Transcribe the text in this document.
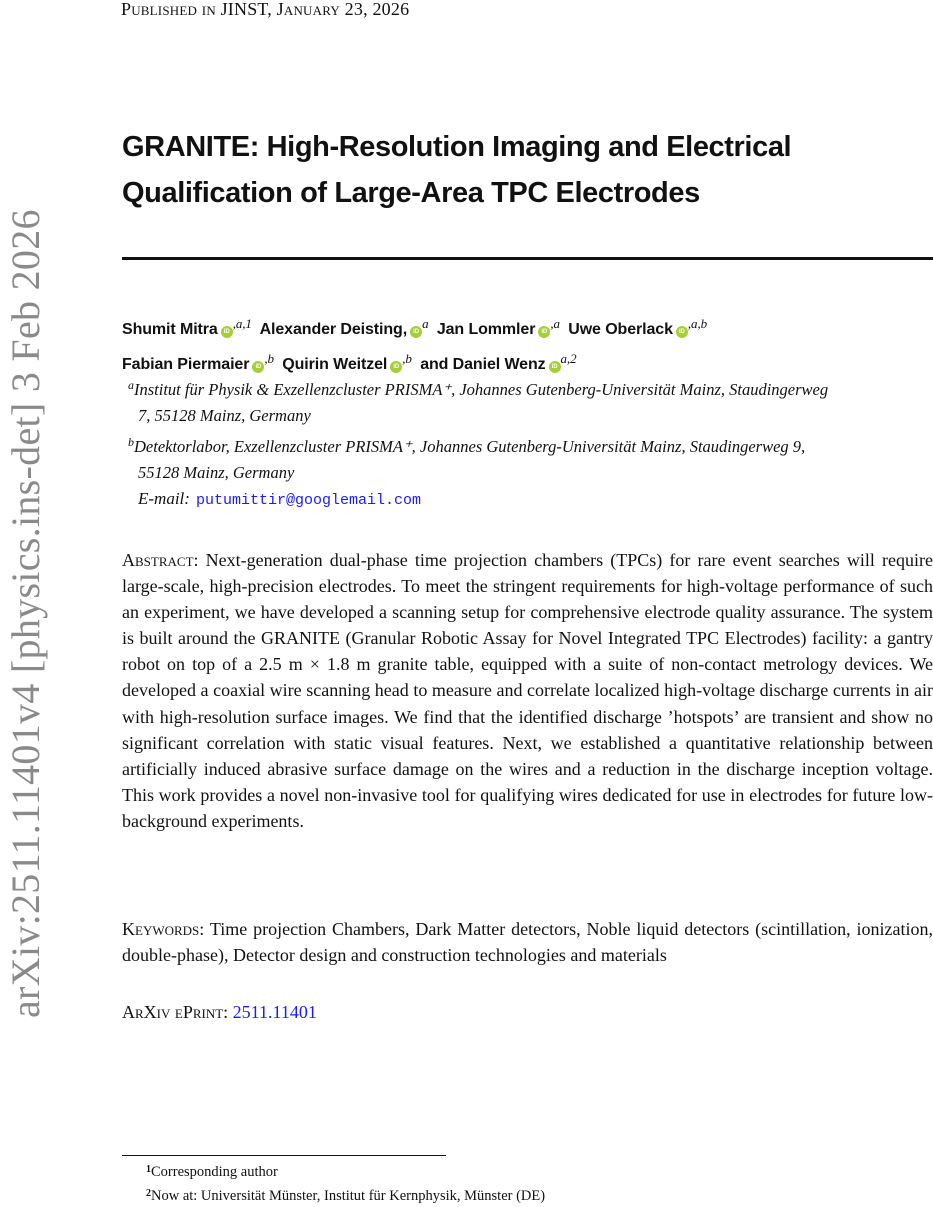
Published in JINST, January 23, 2026
arXiv:2511.11401v4 [physics.ins-det] 3 Feb 2026
GRANITE: High-Resolution Imaging and Electrical
Qualification of Large-Area TPC Electrodes
Shumit Mitra $iD^{,a,1}$ Alexander Deisting, $iD^a$ Jan Lommler $iD^{,a}$ Uwe Oberlack $iD^{,a,b}$
Fabian Piermaier $iD^{,b}$ Quirin Weitzel $iD^{,b}$ and Daniel Wenz iD$^{a,2}$
$^a$Institut für Physik & Exzellenzcluster PRISMA⁺, Johannes Gutenberg-Universität Mainz, Staudingerweg
7, 55128 Mainz, Germany
$^b$Detektorlabor, Exzellenzcluster PRISMA⁺, Johannes Gutenberg-Universität Mainz, Staudingerweg 9,
55128 Mainz, Germany
E-mail: putumittir@googlemail.com
Abstract: Next-generation dual-phase time projection chambers (TPCs) for rare event searches will require large-scale, high-precision electrodes. To meet the stringent requirements for high-voltage performance of such an experiment, we have developed a scanning setup for comprehensive electrode quality assurance. The system is built around the GRANITE (Granular Robotic Assay for Novel Integrated TPC Electrodes) facility: a gantry robot on top of a 2.5 m × 1.8 m granite table, equipped with a suite of non-contact metrology devices. We developed a coaxial wire scanning head to measure and correlate localized high-voltage discharge currents in air with high-resolution surface images. We find that the identified discharge ’hotspots’ are transient and show no significant correlation with static visual features. Next, we established a quantitative relationship between artificially induced abrasive surface damage on the wires and a reduction in the discharge inception voltage. This work provides a novel non-invasive tool for qualifying wires dedicated for use in electrodes for future low-background experiments.
Keywords: Time projection Chambers, Dark Matter detectors, Noble liquid detectors (scintillation, ionization, double-phase), Detector design and construction technologies and materials
ArXiv ePrint: 2511.11401
$^1$Corresponding author
$^2$Now at: Universität Münster, Institut für Kernphysik, Münster (DE)
